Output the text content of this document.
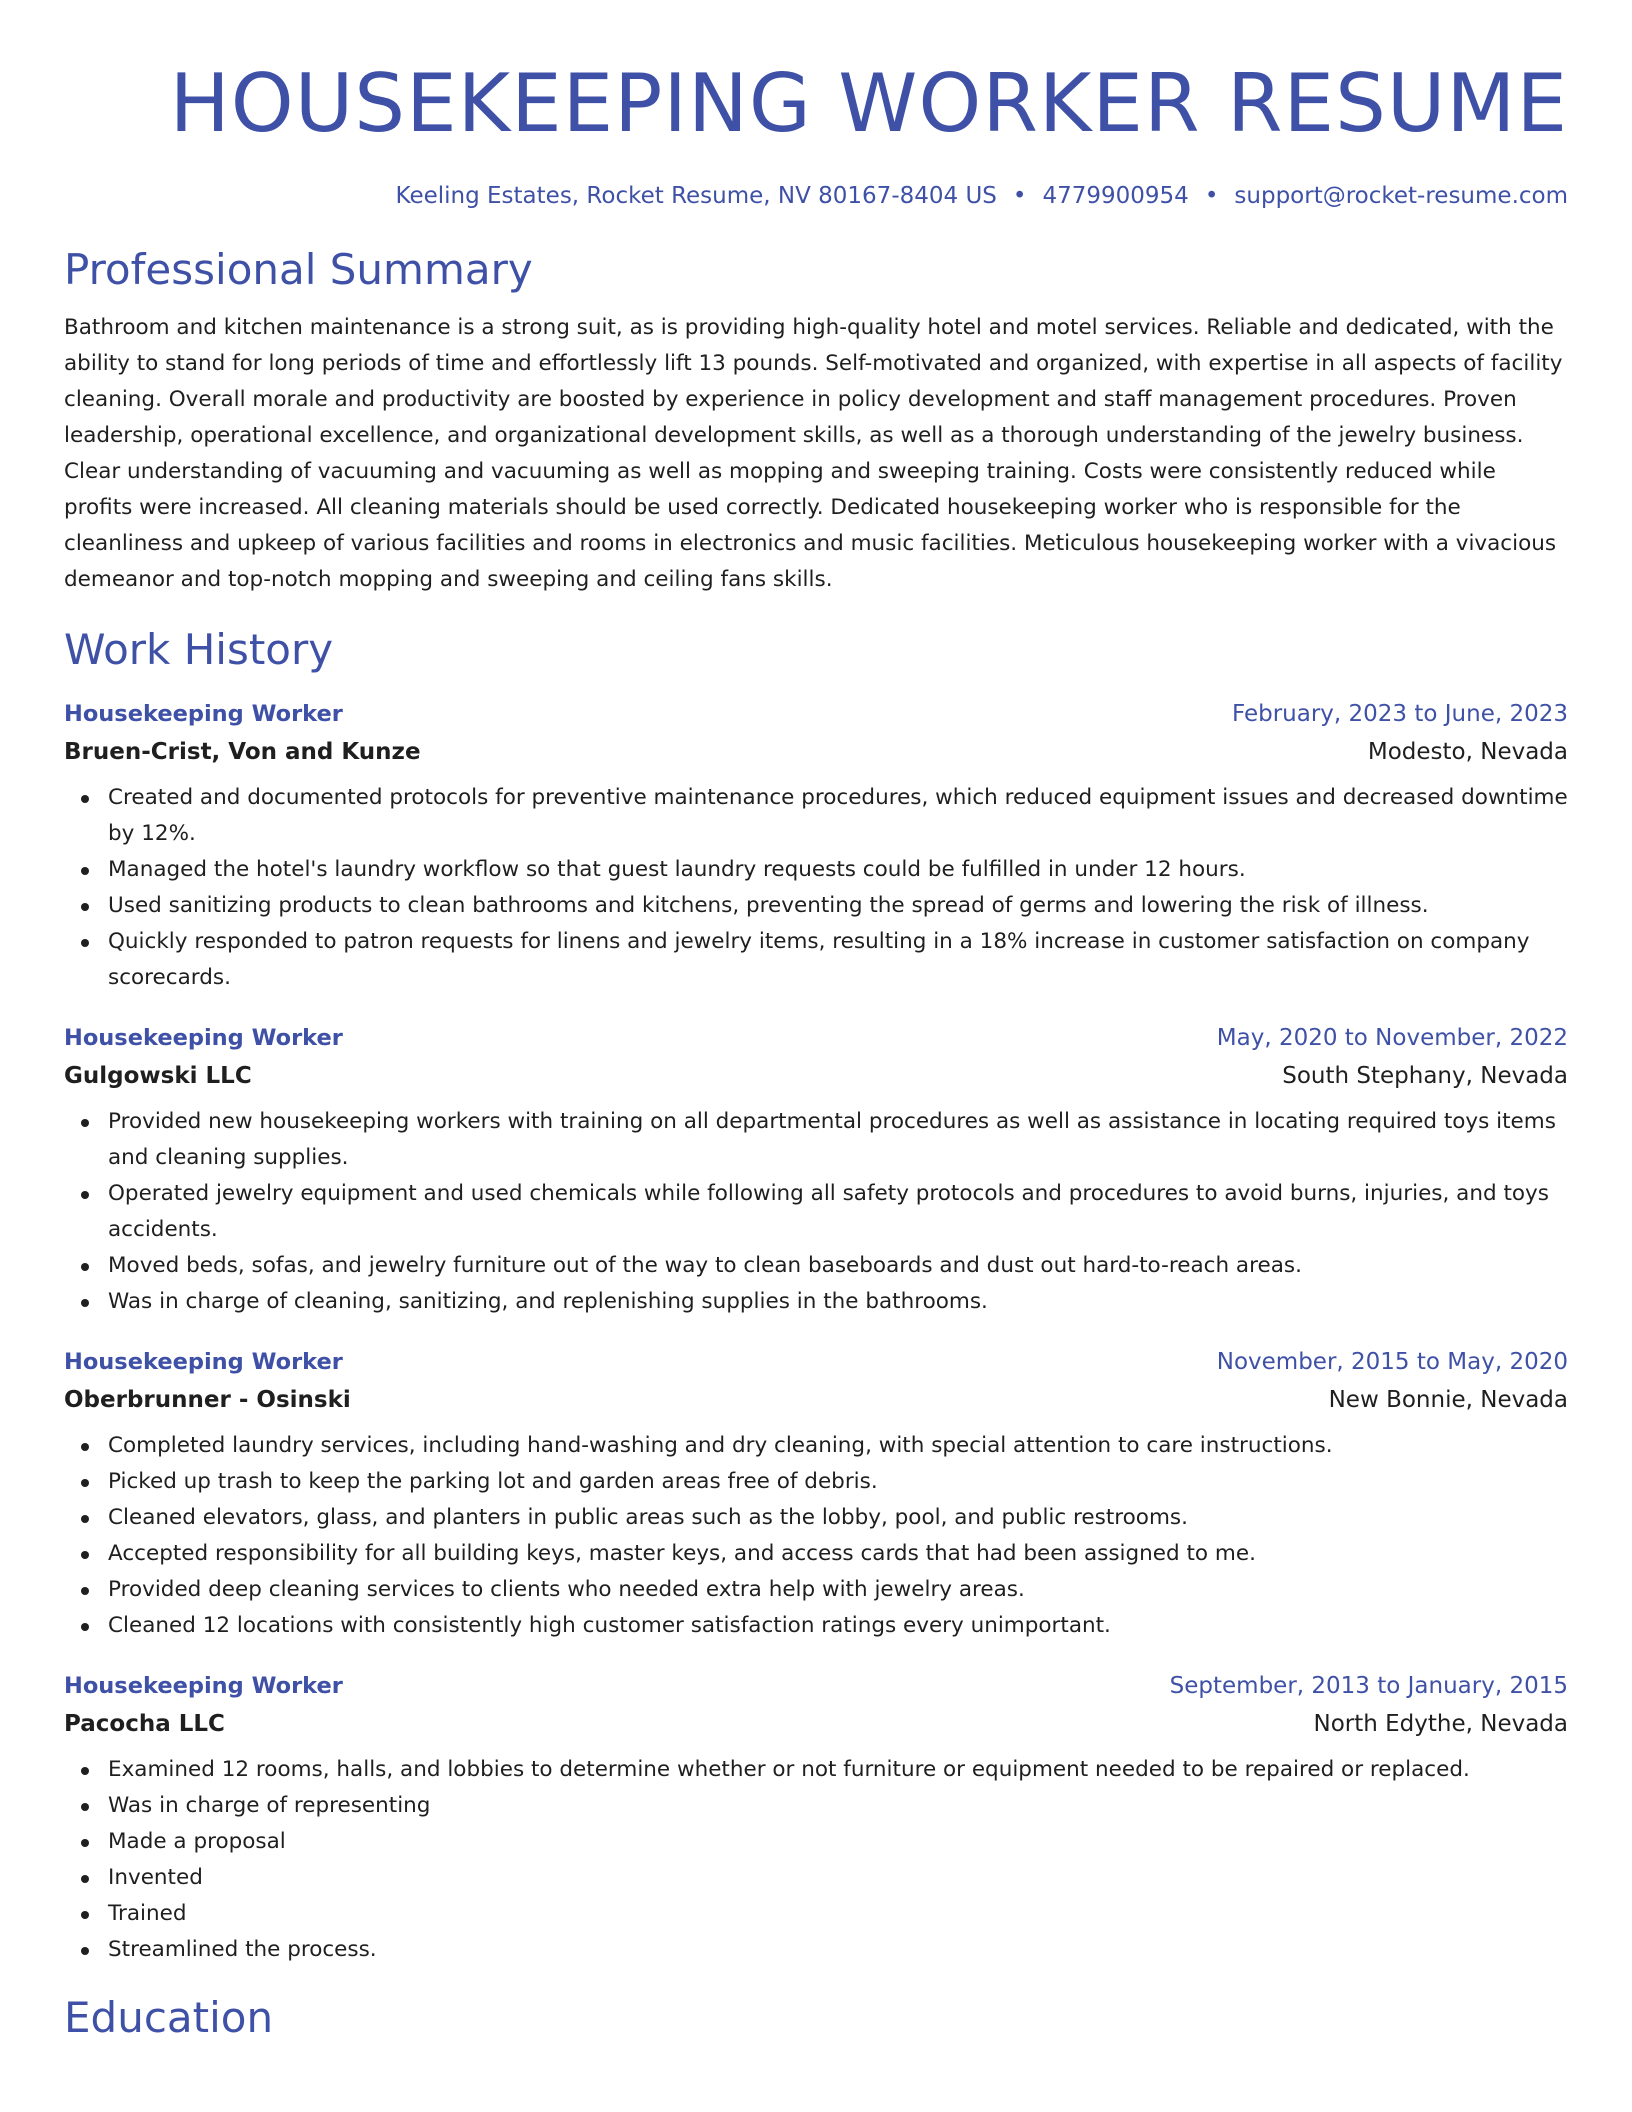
HOUSEKEEPING WORKER RESUME
Keeling Estates, Rocket Resume, NV 80167-8404 US • 4779900954 • support@rocket-resume.com
Professional Summary

Bathroom and kitchen maintenance is a strong suit, as is providing high-quality hotel and motel services. Reliable and dedicated, with the ability to stand for long periods of time and effortlessly lift 13 pounds. Self-motivated and organized, with expertise in all aspects of facility cleaning. Overall morale and productivity are boosted by experience in policy development and staff management procedures. Proven leadership, operational excellence, and organizational development skills, as well as a thorough understanding of the jewelry business. Clear understanding of vacuuming and vacuuming as well as mopping and sweeping training. Costs were consistently reduced while profits were increased. All cleaning materials should be used correctly. Dedicated housekeeping worker who is responsible for the cleanliness and upkeep of various facilities and rooms in electronics and music facilities. Meticulous housekeeping worker with a vivacious demeanor and top-notch mopping and sweeping and ceiling fans skills.

Work History
Housekeeping Worker	February, 2023 to June, 2023
Bruen-Crist, Von and Kunze	Modesto, Nevada
Created and documented protocols for preventive maintenance procedures, which reduced equipment issues and decreased downtime by 12%.
Managed the hotel's laundry workflow so that guest laundry requests could be fulfilled in under 12 hours.
Used sanitizing products to clean bathrooms and kitchens, preventing the spread of germs and lowering the risk of illness.
Quickly responded to patron requests for linens and jewelry items, resulting in a 18% increase in customer satisfaction on company scorecards.
Housekeeping Worker	May, 2020 to November, 2022
Gulgowski LLC	South Stephany, Nevada
Provided new housekeeping workers with training on all departmental procedures as well as assistance in locating required toys items and cleaning supplies.
Operated jewelry equipment and used chemicals while following all safety protocols and procedures to avoid burns, injuries, and toys accidents.
Moved beds, sofas, and jewelry furniture out of the way to clean baseboards and dust out hard-to-reach areas.
Was in charge of cleaning, sanitizing, and replenishing supplies in the bathrooms.
Housekeeping Worker	November, 2015 to May, 2020
Oberbrunner - Osinski	New Bonnie, Nevada
Completed laundry services, including hand-washing and dry cleaning, with special attention to care instructions.
Picked up trash to keep the parking lot and garden areas free of debris.
Cleaned elevators, glass, and planters in public areas such as the lobby, pool, and public restrooms.
Accepted responsibility for all building keys, master keys, and access cards that had been assigned to me.
Provided deep cleaning services to clients who needed extra help with jewelry areas.
Cleaned 12 locations with consistently high customer satisfaction ratings every unimportant.
Housekeeping Worker	September, 2013 to January, 2015
Pacocha LLC	North Edythe, Nevada
Examined 12 rooms, halls, and lobbies to determine whether or not furniture or equipment needed to be repaired or replaced.
Was in charge of representing
Made a proposal
Invented
Trained
Streamlined the process.
Education
